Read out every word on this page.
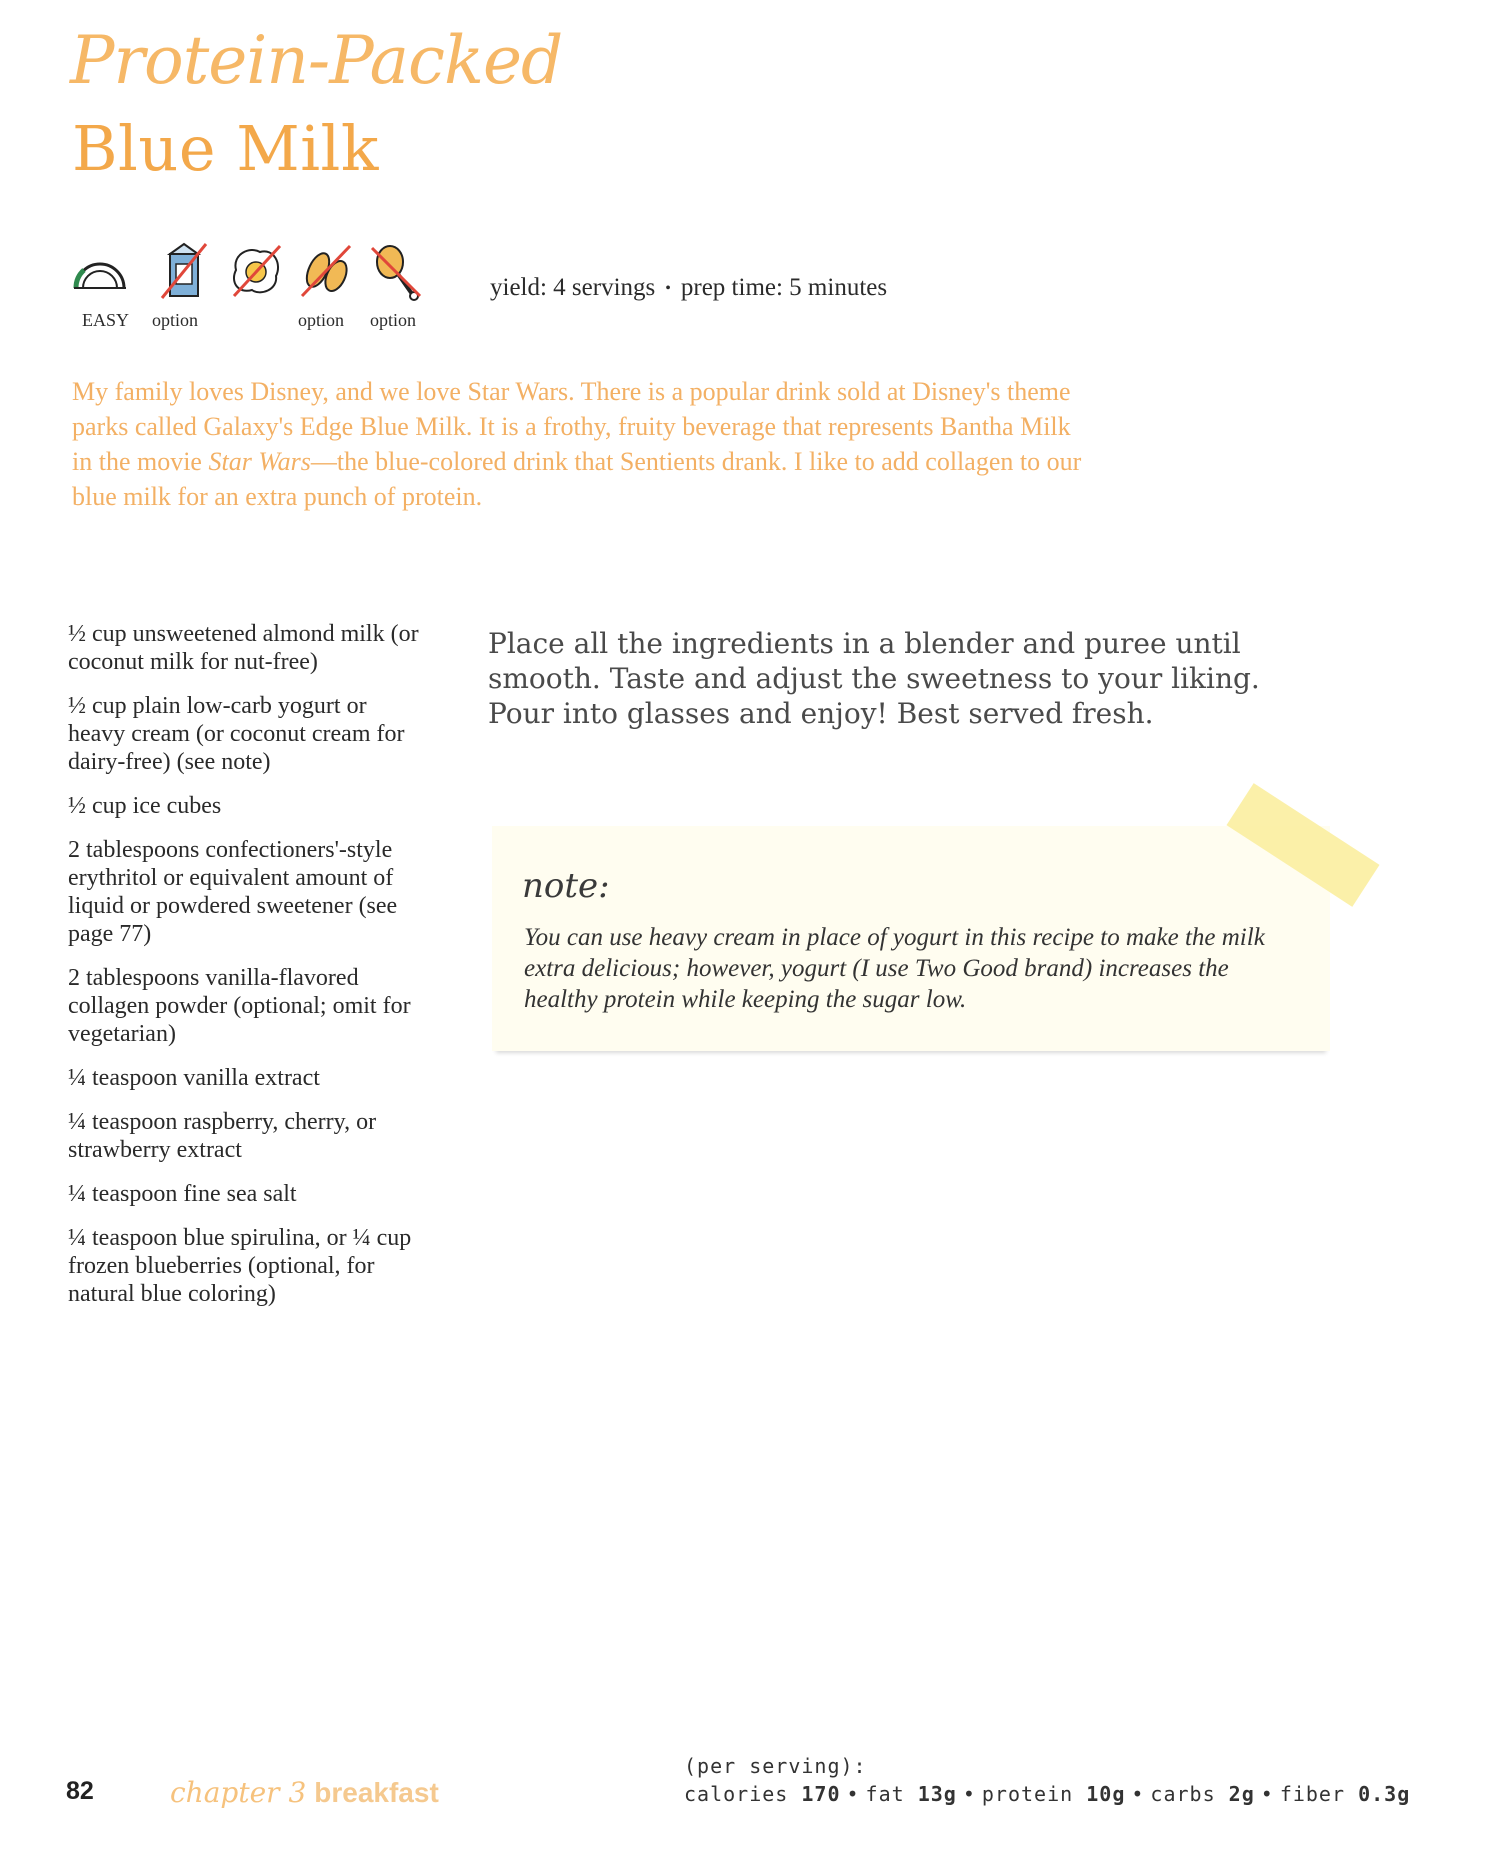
Protein-Packed
Blue Milk
EASY option	option option
yield: 4 servings • prep time: 5 minutes
My family loves Disney, and we love Star Wars. There is a popular drink sold at Disney's theme parks called Galaxy's Edge Blue Milk. It is a frothy, fruity beverage that represents Bantha Milk in the movie Star Wars—the blue-colored drink that Sentients drank. I like to add collagen to our blue milk for an extra punch of protein.
½ cup unsweetened almond milk (or coconut milk for nut-free)
½ cup plain low-carb yogurt or heavy cream (or coconut cream for dairy-free) (see note)
½ cup ice cubes
2 tablespoons confectioners'-style erythritol or equivalent amount of liquid or powdered sweetener (see page 77)
2 tablespoons vanilla-flavored collagen powder (optional; omit for vegetarian)
¼ teaspoon vanilla extract
¼ teaspoon raspberry, cherry, or strawberry extract
¼ teaspoon fine sea salt
¼ teaspoon blue spirulina, or ¼ cup frozen blueberries (optional, for natural blue coloring)
Place all the ingredients in a blender and puree until smooth. Taste and adjust the sweetness to your liking. Pour into glasses and enjoy! Best served fresh.
note:
You can use heavy cream in place of yogurt in this recipe to make the milk extra delicious; however, yogurt (I use Two Good brand) increases the healthy protein while keeping the sugar low.
82	chapter 3 breakfast
(per serving):
calories 170 • fat 13g • protein 10g • carbs 2g • fiber 0.3g
